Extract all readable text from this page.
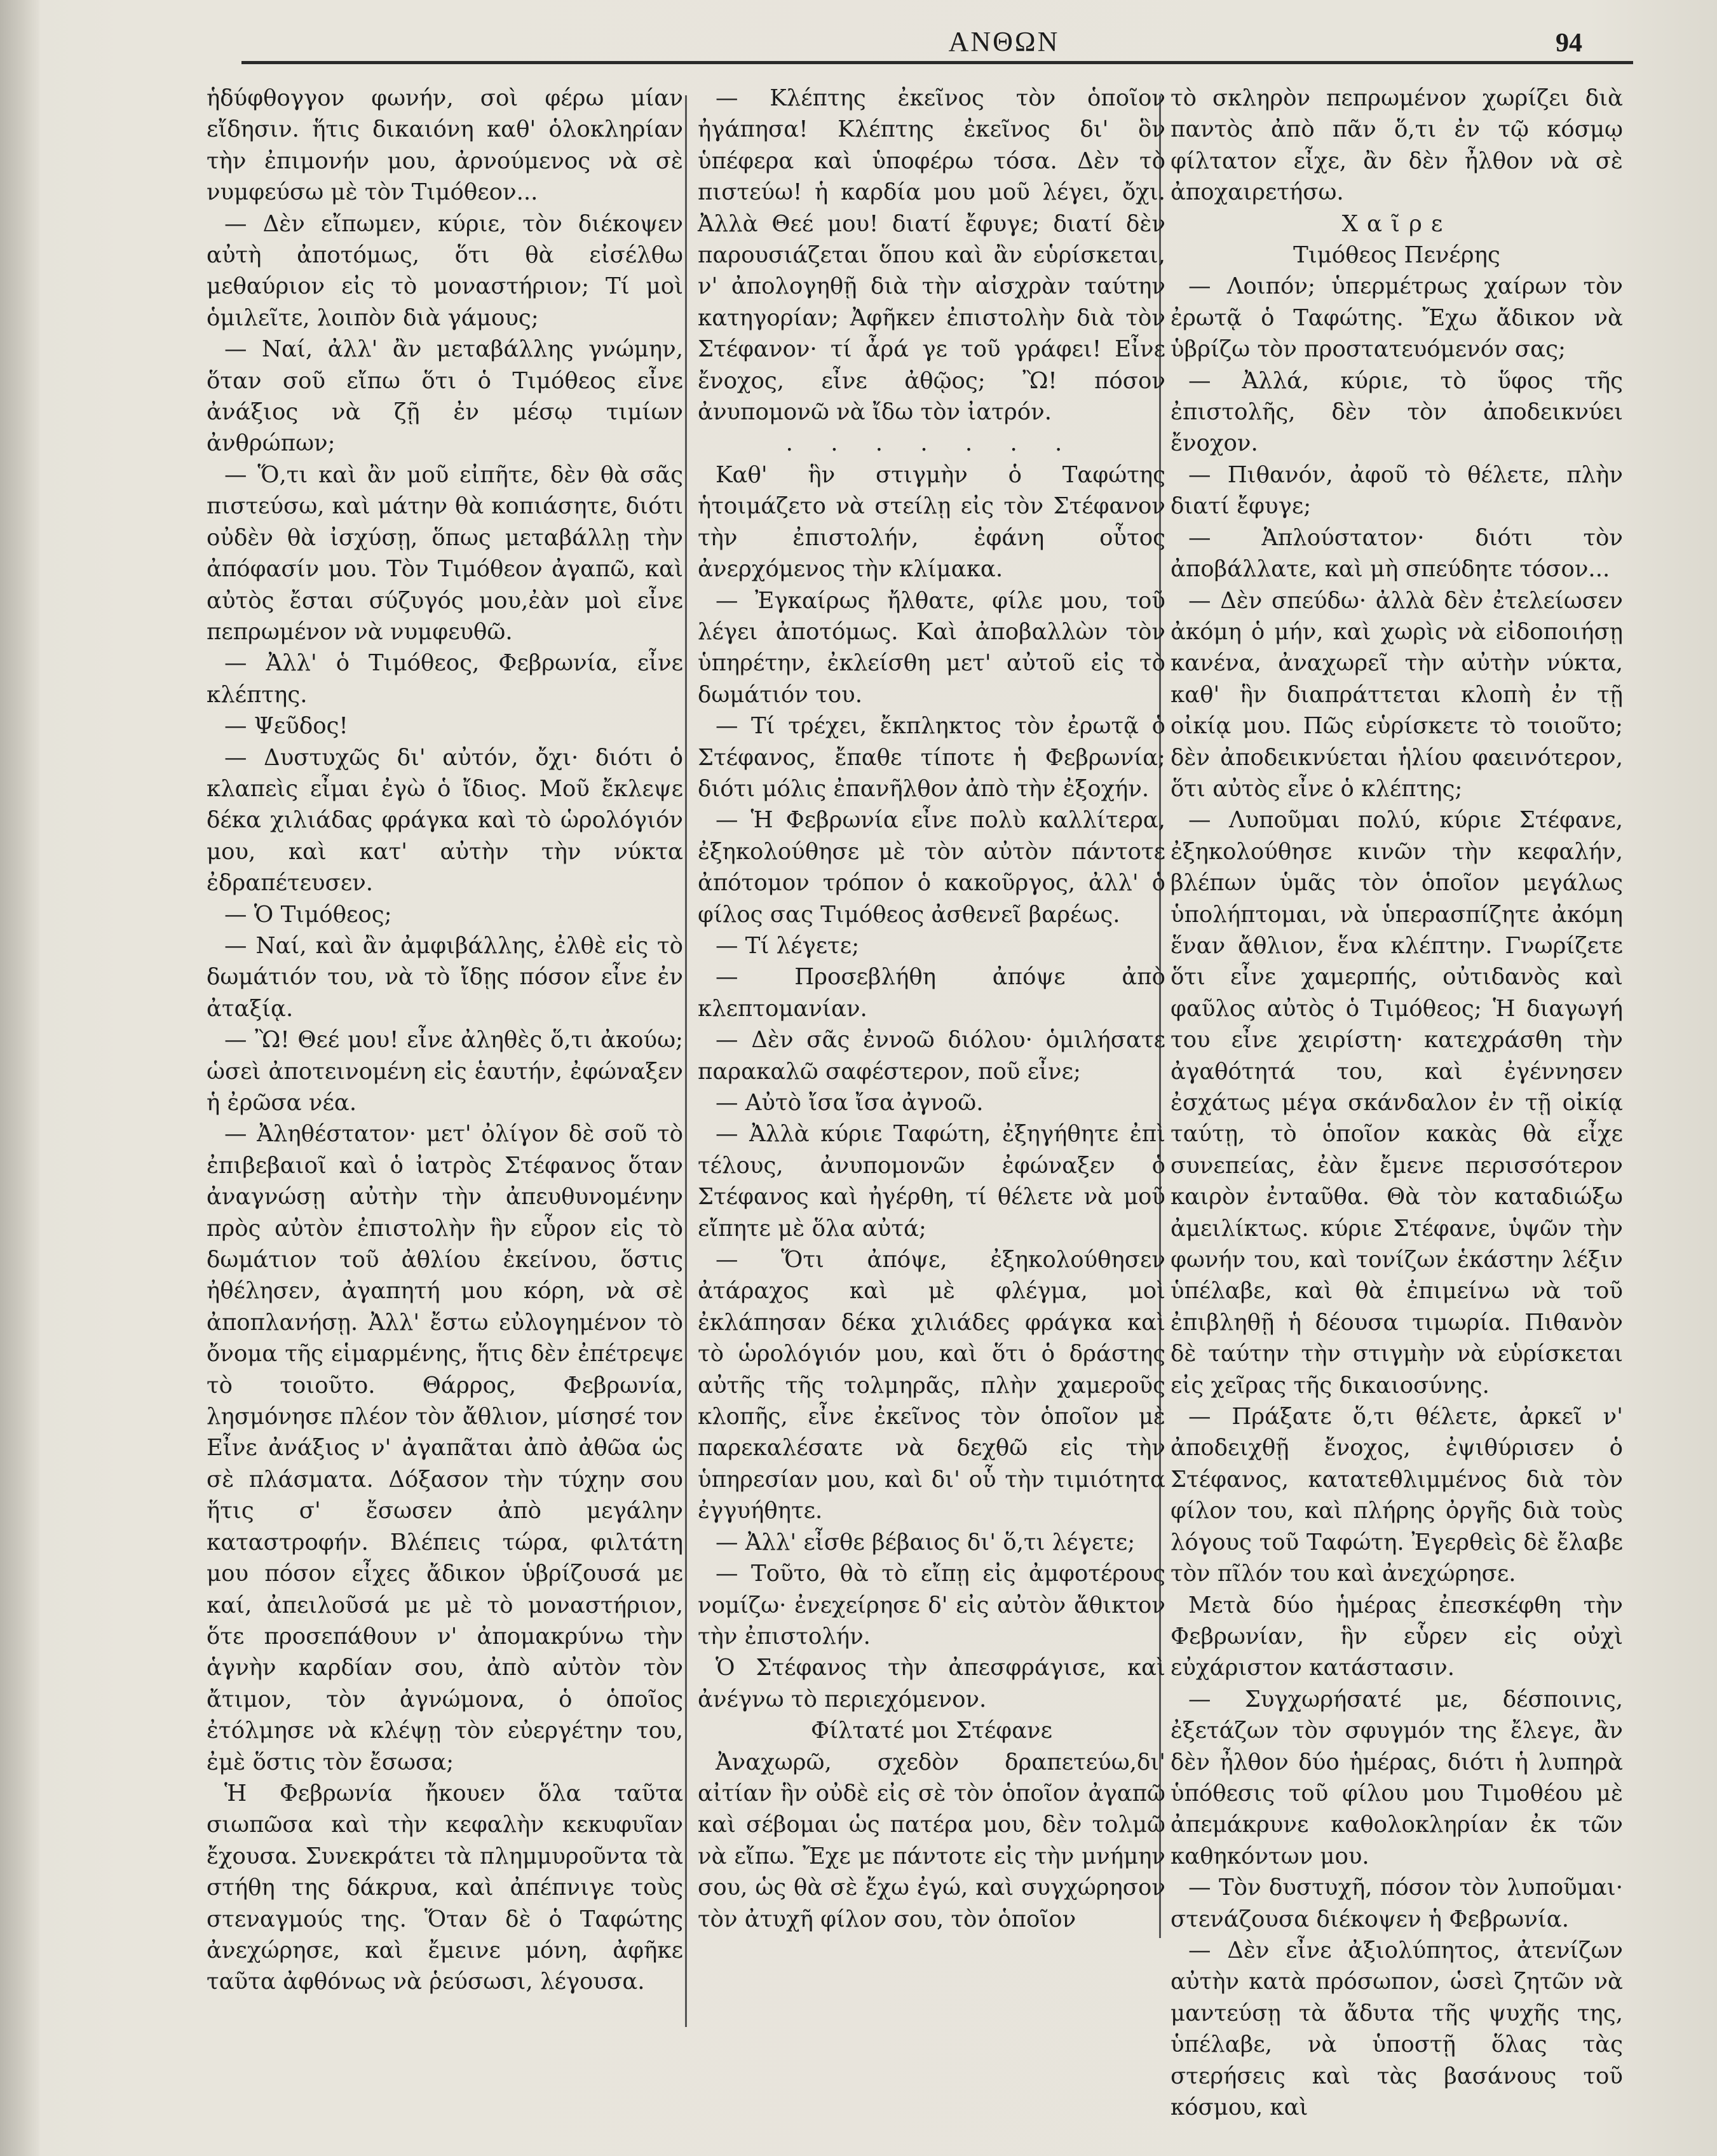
ΑΝΘΩΝ	94

ἡδύφθογγον φωνήν, σοὶ φέρω μίαν εἴδησιν. ἥτις δικαιόνη καθ' ὁλοκληρίαν τὴν ἐπιμονήν μου, ἀρνούμενος νὰ σὲ νυμφεύσω μὲ τὸν Τιμόθεον...

— Δὲν εἴπωμεν, κύριε, τὸν διέκοψεν αὐτὴ ἀποτόμως, ὅτι θὰ εἰσέλθω μεθαύριον εἰς τὸ μοναστήριον; Τί μοὶ ὁμιλεῖτε, λοιπὸν διὰ γάμους;

— Ναί, ἀλλ' ἂν μεταβάλλης γνώμην, ὅταν σοῦ εἴπω ὅτι ὁ Τιμόθεος εἶνε ἀνάξιος νὰ ζῇ ἐν μέσῳ τιμίων ἀνθρώπων;

— Ὅ,τι καὶ ἂν μοῦ εἰπῆτε, δὲν θὰ σᾶς πιστεύσω, καὶ μάτην θὰ κοπιάσητε, διότι οὐδὲν θὰ ἰσχύσῃ, ὅπως μεταβάλλῃ τὴν ἀπόφασίν μου. Τὸν Τιμόθεον ἀγαπῶ, καὶ αὐτὸς ἔσται σύζυγός μου,ἐὰν μοὶ εἶνε πεπρωμένον νὰ νυμφευθῶ.

— Ἀλλ' ὁ Τιμόθεος, Φεβρωνία, εἶνε κλέπτης.

— Ψεῦδος!

— Δυστυχῶς δι' αὐτόν, ὄχι· διότι ὁ κλαπεὶς εἶμαι ἐγὼ ὁ ἴδιος. Μοῦ ἔκλεψε δέκα χιλιάδας φράγκα καὶ τὸ ὡρολόγιόν μου, καὶ κατ' αὐτὴν τὴν νύκτα ἐδραπέτευσεν.

— Ὁ Τιμόθεος;

— Ναί, καὶ ἂν ἀμφιβάλλης, ἐλθὲ εἰς τὸ δωμάτιόν του, νὰ τὸ ἴδῃς πόσον εἶνε ἐν ἀταξίᾳ.

— Ὢ! Θεέ μου! εἶνε ἀληθὲς ὅ,τι ἀκούω; ὡσεὶ ἀποτεινομένη εἰς ἑαυτήν, ἐφώναξεν ἡ ἐρῶσα νέα.

— Ἀληθέστατον· μετ' ὀλίγον δὲ σοῦ τὸ ἐπιβεβαιοῖ καὶ ὁ ἰατρὸς Στέφανος ὅταν ἀναγνώσῃ αὐτὴν τὴν ἀπευθυνομένην πρὸς αὐτὸν ἐπιστολὴν ἣν εὗρον εἰς τὸ δωμάτιον τοῦ ἀθλίου ἐκείνου, ὅστις ἠθέλησεν, ἀγαπητή μου κόρη, νὰ σὲ ἀποπλανήσῃ. Ἀλλ' ἔστω εὐλογημένον τὸ ὄνομα τῆς εἱμαρμένης, ἥτις δὲν ἐπέτρεψε τὸ τοιοῦτο. Θάρρος, Φεβρωνία, λησμόνησε πλέον τὸν ἄθλιον, μίσησέ τον Εἶνε ἀνάξιος ν' ἀγαπᾶται ἀπὸ ἀθῶα ὡς σὲ πλάσματα. Δόξασον τὴν τύχην σου ἥτις σ' ἔσωσεν ἀπὸ μεγάλην καταστροφήν. Βλέπεις τώρα, φιλτάτη μου πόσον εἶχες ἄδικον ὑβρίζουσά με καί, ἀπειλοῦσά με μὲ τὸ μοναστήριον, ὅτε προσεπάθουν ν' ἀπομακρύνω τὴν ἁγνὴν καρδίαν σου, ἀπὸ αὐτὸν τὸν ἄτιμον, τὸν ἀγνώμονα, ὁ ὁποῖος ἐτόλμησε νὰ κλέψῃ τὸν εὐεργέτην του, ἐμὲ ὅστις τὸν ἔσωσα;

Ἡ Φεβρωνία ἤκουεν ὅλα ταῦτα σιωπῶσα καὶ τὴν κεφαλὴν κεκυφυῖαν ἔχουσα. Συνεκράτει τὰ πλημμυροῦντα τὰ στήθη της δάκρυα, καὶ ἀπέπνιγε τοὺς στεναγμούς της. Ὅταν δὲ ὁ Ταφώτης ἀνεχώρησε, καὶ ἔμεινε μόνη, ἀφῆκε ταῦτα ἀφθόνως νὰ ῥεύσωσι, λέγουσα.

— Κλέπτης ἐκεῖνος τὸν ὁποῖον ἠγάπησα! Κλέπτης ἐκεῖνος δι' ὃν ὑπέφερα καὶ ὑποφέρω τόσα. Δὲν τὸ πιστεύω! ἡ καρδία μου μοῦ λέγει, ὄχι. Ἀλλὰ Θεέ μου! διατί ἔφυγε; διατί δὲν παρουσιάζεται ὅπου καὶ ἂν εὑρίσκεται, ν' ἀπολογηθῇ διὰ τὴν αἰσχρὰν ταύτην κατηγορίαν; Ἀφῆκεν ἐπιστολὴν διὰ τὸν Στέφανον· τί ἆρά γε τοῦ γράφει! Εἶνε ἔνοχος, εἶνε ἀθῷος; Ὢ! πόσον ἀνυπομονῶ νὰ ἴδω τὸν ἰατρόν.

. . . . . . .

Καθ' ἣν στιγμὴν ὁ Ταφώτης ἡτοιμάζετο νὰ στείλῃ εἰς τὸν Στέφανον τὴν ἐπιστολήν, ἐφάνη οὗτος ἀνερχόμενος τὴν κλίμακα.

— Ἐγκαίρως ἤλθατε, φίλε μου, τοῦ λέγει ἀποτόμως. Καὶ ἀποβαλλὼν τὸν ὑπηρέτην, ἐκλείσθη μετ' αὐτοῦ εἰς τὸ δωμάτιόν του.

— Τί τρέχει, ἔκπληκτος τὸν ἐρωτᾷ ὁ Στέφανος, ἔπαθε τίποτε ἡ Φεβρωνία; διότι μόλις ἐπανῆλθον ἀπὸ τὴν ἐξοχήν.

— Ἡ Φεβρωνία εἶνε πολὺ καλλίτερα, ἐξηκολούθησε μὲ τὸν αὐτὸν πάντοτε ἀπότομον τρόπον ὁ κακοῦργος, ἀλλ' ὁ φίλος σας Τιμόθεος ἀσθενεῖ βαρέως.

— Τί λέγετε;

— Προσεβλήθη ἀπόψε ἀπὸ κλεπτομανίαν.

— Δὲν σᾶς ἐννοῶ διόλου· ὁμιλήσατε παρακαλῶ σαφέστερον, ποῦ εἶνε;

— Αὐτὸ ἴσα ἴσα ἀγνοῶ.

— Ἀλλὰ κύριε Ταφώτη, ἐξηγήθητε ἐπὶ τέλους, ἀνυπομονῶν ἐφώναξεν ὁ Στέφανος καὶ ἠγέρθη, τί θέλετε νὰ μοῦ εἴπητε μὲ ὅλα αὐτά;

— Ὅτι ἀπόψε, ἐξηκολούθησεν ἀτάραχος καὶ μὲ φλέγμα, μοὶ ἐκλάπησαν δέκα χιλιάδες φράγκα καὶ τὸ ὡρολόγιόν μου, καὶ ὅτι ὁ δράστης αὐτῆς τῆς τολμηρᾶς, πλὴν χαμεροῦς κλοπῆς, εἶνε ἐκεῖνος τὸν ὁποῖον μὲ παρεκαλέσατε νὰ δεχθῶ εἰς τὴν ὑπηρεσίαν μου, καὶ δι' οὗ τὴν τιμιότητα ἐγγυήθητε.

— Ἀλλ' εἶσθε βέβαιος δι' ὅ,τι λέγετε;

— Τοῦτο, θὰ τὸ εἴπῃ εἰς ἀμφοτέρους νομίζω· ἐνεχείρησε δ' εἰς αὐτὸν ἄθικτον τὴν ἐπιστολήν.

Ὁ Στέφανος τὴν ἀπεσφράγισε, καὶ ἀνέγνω τὸ περιεχόμενον.

Φίλτατέ μοι Στέφανε

Ἀναχωρῶ, σχεδὸν δραπετεύω,δι' αἰτίαν ἣν οὐδὲ εἰς σὲ τὸν ὁποῖον ἀγαπῶ καὶ σέβομαι ὡς πατέρα μου, δὲν τολμῶ νὰ εἴπω. Ἔχε με πάντοτε εἰς τὴν μνήμην σου, ὡς θὰ σὲ ἔχω ἐγώ, καὶ συγχώρησον τὸν ἀτυχῆ φίλον σου, τὸν ὁποῖον

τὸ σκληρὸν πεπρωμένον χωρίζει διὰ παντὸς ἀπὸ πᾶν ὅ,τι ἐν τῷ κόσμῳ φίλτατον εἶχε, ἂν δὲν ἦλθον νὰ σὲ ἀποχαιρετήσω.

Χαῖρε

Τιμόθεος Πενέρης

— Λοιπόν; ὑπερμέτρως χαίρων τὸν ἐρωτᾷ ὁ Ταφώτης. Ἔχω ἄδικον νὰ ὑβρίζω τὸν προστατευόμενόν σας;

— Ἀλλά, κύριε, τὸ ὕφος τῆς ἐπιστολῆς, δὲν τὸν ἀποδεικνύει ἔνοχον.

— Πιθανόν, ἀφοῦ τὸ θέλετε, πλὴν διατί ἔφυγε;

— Ἁπλούστατον· διότι τὸν ἀποβάλλατε, καὶ μὴ σπεύδητε τόσον...

— Δὲν σπεύδω· ἀλλὰ δὲν ἐτελείωσεν ἀκόμη ὁ μήν, καὶ χωρὶς νὰ εἰδοποιήσῃ κανένα, ἀναχωρεῖ τὴν αὐτὴν νύκτα, καθ' ἣν διαπράττεται κλοπὴ ἐν τῇ οἰκίᾳ μου. Πῶς εὑρίσκετε τὸ τοιοῦτο; δὲν ἀποδεικνύεται ἡλίου φαεινότερον, ὅτι αὐτὸς εἶνε ὁ κλέπτης;

— Λυποῦμαι πολύ, κύριε Στέφανε, ἐξηκολούθησε κινῶν τὴν κεφαλήν, βλέπων ὑμᾶς τὸν ὁποῖον μεγάλως ὑπολήπτομαι, νὰ ὑπερασπίζητε ἀκόμη ἕναν ἄθλιον, ἕνα κλέπτην. Γνωρίζετε ὅτι εἶνε χαμερπής, οὐτιδανὸς καὶ φαῦλος αὐτὸς ὁ Τιμόθεος; Ἡ διαγωγή του εἶνε χειρίστη· κατεχράσθη τὴν ἀγαθότητά του, καὶ ἐγέννησεν ἐσχάτως μέγα σκάνδαλον ἐν τῇ οἰκίᾳ ταύτῃ, τὸ ὁποῖον κακὰς θὰ εἶχε συνεπείας, ἐὰν ἔμενε περισσότερον καιρὸν ἐνταῦθα. Θὰ τὸν καταδιώξω ἀμειλίκτως. κύριε Στέφανε, ὑψῶν τὴν φωνήν του, καὶ τονίζων ἑκάστην λέξιν ὑπέλαβε, καὶ θὰ ἐπιμείνω νὰ τοῦ ἐπιβληθῇ ἡ δέουσα τιμωρία. Πιθανὸν δὲ ταύτην τὴν στιγμὴν νὰ εὑρίσκεται εἰς χεῖρας τῆς δικαιοσύνης.

— Πράξατε ὅ,τι θέλετε, ἀρκεῖ ν' ἀποδειχθῇ ἔνοχος, ἐψιθύρισεν ὁ Στέφανος, κατατεθλιμμένος διὰ τὸν φίλον του, καὶ πλήρης ὀργῆς διὰ τοὺς λόγους τοῦ Ταφώτη. Ἐγερθεὶς δὲ ἔλαβε τὸν πῖλόν του καὶ ἀνεχώρησε.

Μετὰ δύο ἡμέρας ἐπεσκέφθη τὴν Φεβρωνίαν, ἣν εὗρεν εἰς οὐχὶ εὐχάριστον κατάστασιν.

— Συγχωρήσατέ με, δέσποινις, ἐξετάζων τὸν σφυγμόν της ἔλεγε, ἂν δὲν ἦλθον δύο ἡμέρας, διότι ἡ λυπηρὰ ὑπόθεσις τοῦ φίλου μου Τιμοθέου μὲ ἀπεμάκρυνε καθολοκληρίαν ἐκ τῶν καθηκόντων μου.

— Τὸν δυστυχῆ, πόσον τὸν λυποῦμαι· στενάζουσα διέκοψεν ἡ Φεβρωνία.

— Δὲν εἶνε ἀξιολύπητος, ἀτενίζων αὐτὴν κατὰ πρόσωπον, ὡσεὶ ζητῶν νὰ μαντεύσῃ τὰ ἄδυτα τῆς ψυχῆς της, ὑπέλαβε, νὰ ὑποστῇ ὅλας τὰς στερήσεις καὶ τὰς βασάνους τοῦ κόσμου, καὶ
